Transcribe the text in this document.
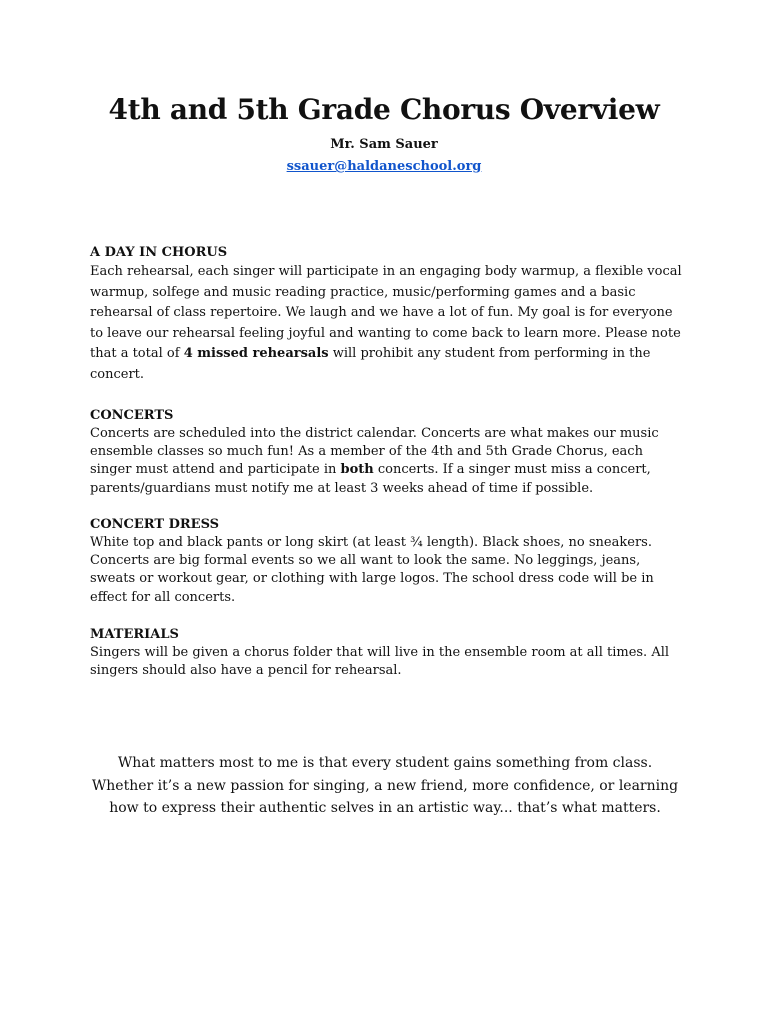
4th and 5th Grade Chorus Overview
Mr. Sam Sauer
ssauer@haldaneschool.org
A DAY IN CHORUS
Each rehearsal, each singer will participate in an engaging body warmup, a flexible vocal warmup, solfege and music reading practice, music/performing games and a basic rehearsal of class repertoire. We laugh and we have a lot of fun. My goal is for everyone to leave our rehearsal feeling joyful and wanting to come back to learn more. Please note that a total of 4 missed rehearsals will prohibit any student from performing in the concert.
CONCERTS
Concerts are scheduled into the district calendar. Concerts are what makes our music ensemble classes so much fun! As a member of the 4th and 5th Grade Chorus, each singer must attend and participate in both concerts. If a singer must miss a concert, parents/guardians must notify me at least 3 weeks ahead of time if possible.
CONCERT DRESS
White top and black pants or long skirt (at least ¾ length). Black shoes, no sneakers. Concerts are big formal events so we all want to look the same. No leggings, jeans, sweats or workout gear, or clothing with large logos. The school dress code will be in effect for all concerts.
MATERIALS
Singers will be given a chorus folder that will live in the ensemble room at all times. All singers should also have a pencil for rehearsal.
What matters most to me is that every student gains something from class. Whether it’s a new passion for singing, a new friend, more confidence, or learning how to express their authentic selves in an artistic way... that’s what matters.
